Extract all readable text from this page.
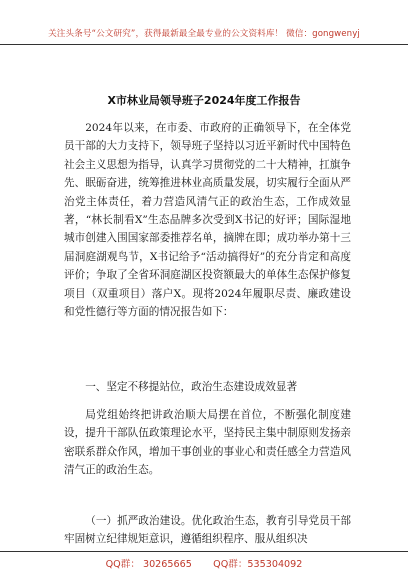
关注头条号“公文研究”，获得最新最全最专业的公文资料库！ 微信：gongwenyj
X市林业局领导班子2024年度工作报告

2024年以来，在市委、市政府的正确领导下，在全体党员干部的大力支持下，领导班子坚持以习近平新时代中国特色社会主义思想为指导，认真学习贯彻党的二十大精神，扛旗争先、眠砺奋进，统筹推进林业高质量发展，切实履行全面从严治党主体责任，着力营造风清气正的政治生态，工作成效显著，“林长制看X”生态品牌多次受到X书记的好评；国际湿地城市创建入围国家部委推荐名单，摘牌在即；成功举办第十三届洞庭湖观鸟节，X书记给予“活动搞得好”的充分肯定和高度评价；争取了全省环洞庭湖区投资额最大的单体生态保护修复项目（双重项目）落户X。现将2024年履职尽责、廉政建设和党性德行等方面的情况报告如下：

一、坚定不移提站位，政治生态建设成效显著

局党组始终把讲政治顺大局摆在首位，不断强化制度建设，提升干部队伍政策理论水平，坚持民主集中制原则发扬亲密联系群众作风，增加干事创业的事业心和责任感全力营造风清气正的政治生态。

（一）抓严政治建设。优化政治生态，教育引导党员干部牢固树立纪律规矩意识，遵循组织程序、服从组织决

QQ群： 30265665       QQ群：535304092
